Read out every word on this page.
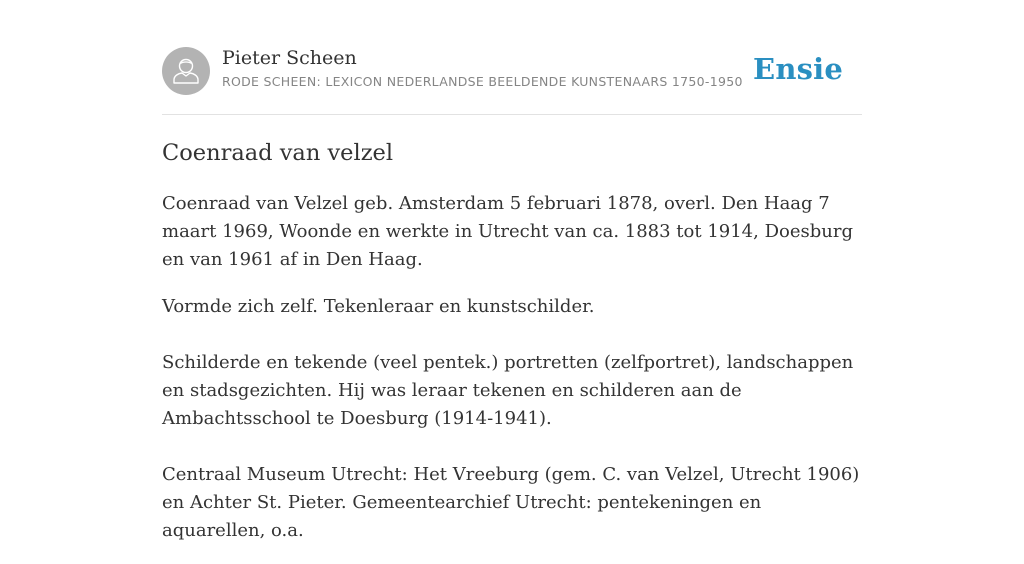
Pieter Scheen
RODE SCHEEN: LEXICON NEDERLANDSE BEELDENDE KUNSTENAARS 1750-1950 Ensie
Coenraad van velzel

Coenraad van Velzel geb. Amsterdam 5 februari 1878, overl. Den Haag 7 maart 1969, Woonde en werkte in Utrecht van ca. 1883 tot 1914, Doesburg en van 1961 af in Den Haag.

Vormde zich zelf. Tekenleraar en kunstschilder.

Schilderde en tekende (veel pentek.) portretten (zelfportret), landschappen en stadsgezichten. Hij was leraar tekenen en schilderen aan de Ambachtsschool te Doesburg (1914-1941).

Centraal Museum Utrecht: Het Vreeburg (gem. C. van Velzel, Utrecht 1906) en Achter St. Pieter. Gemeentearchief Utrecht: pentekeningen en aquarellen, o.a.
